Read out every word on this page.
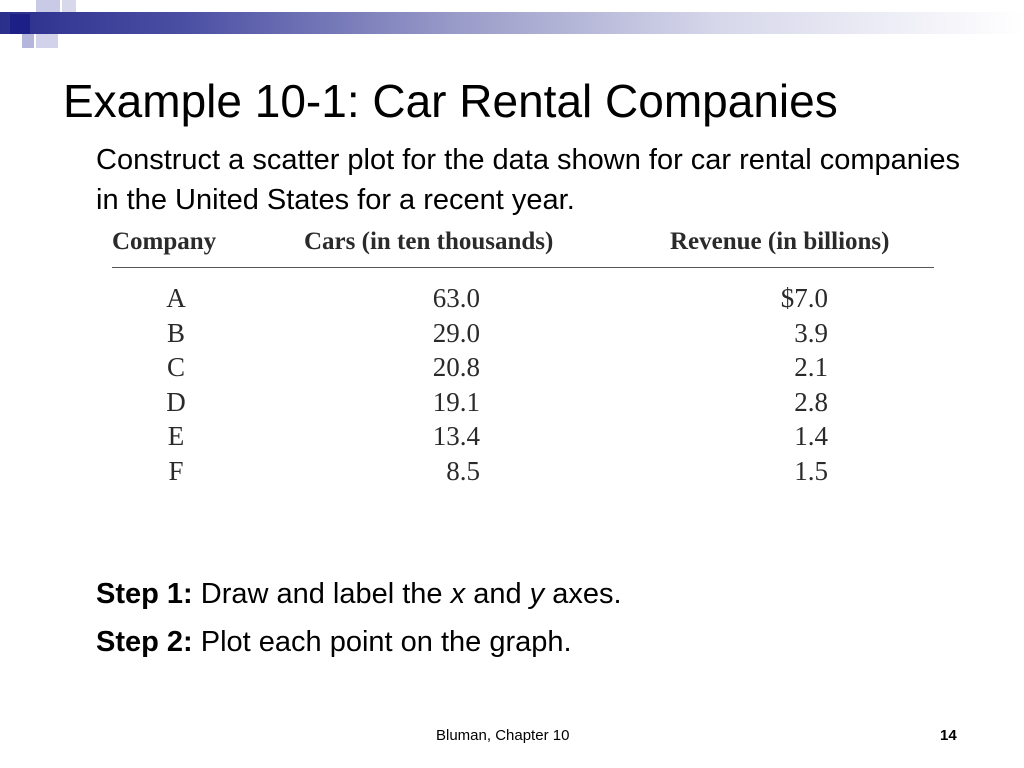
Example 10-1: Car Rental Companies
Construct a scatter plot for the data shown for car rental companies in the United States for a recent year.
Company	Cars (in ten thousands)	Revenue (in billions)
A	63.0	$7.0
B	29.0	3.9
C	20.8	2.1
D	19.1	2.8
E	13.4	1.4
F	8.5	1.5
Step 1: Draw and label the x and y axes.
Step 2: Plot each point on the graph.
Bluman, Chapter 10	14
